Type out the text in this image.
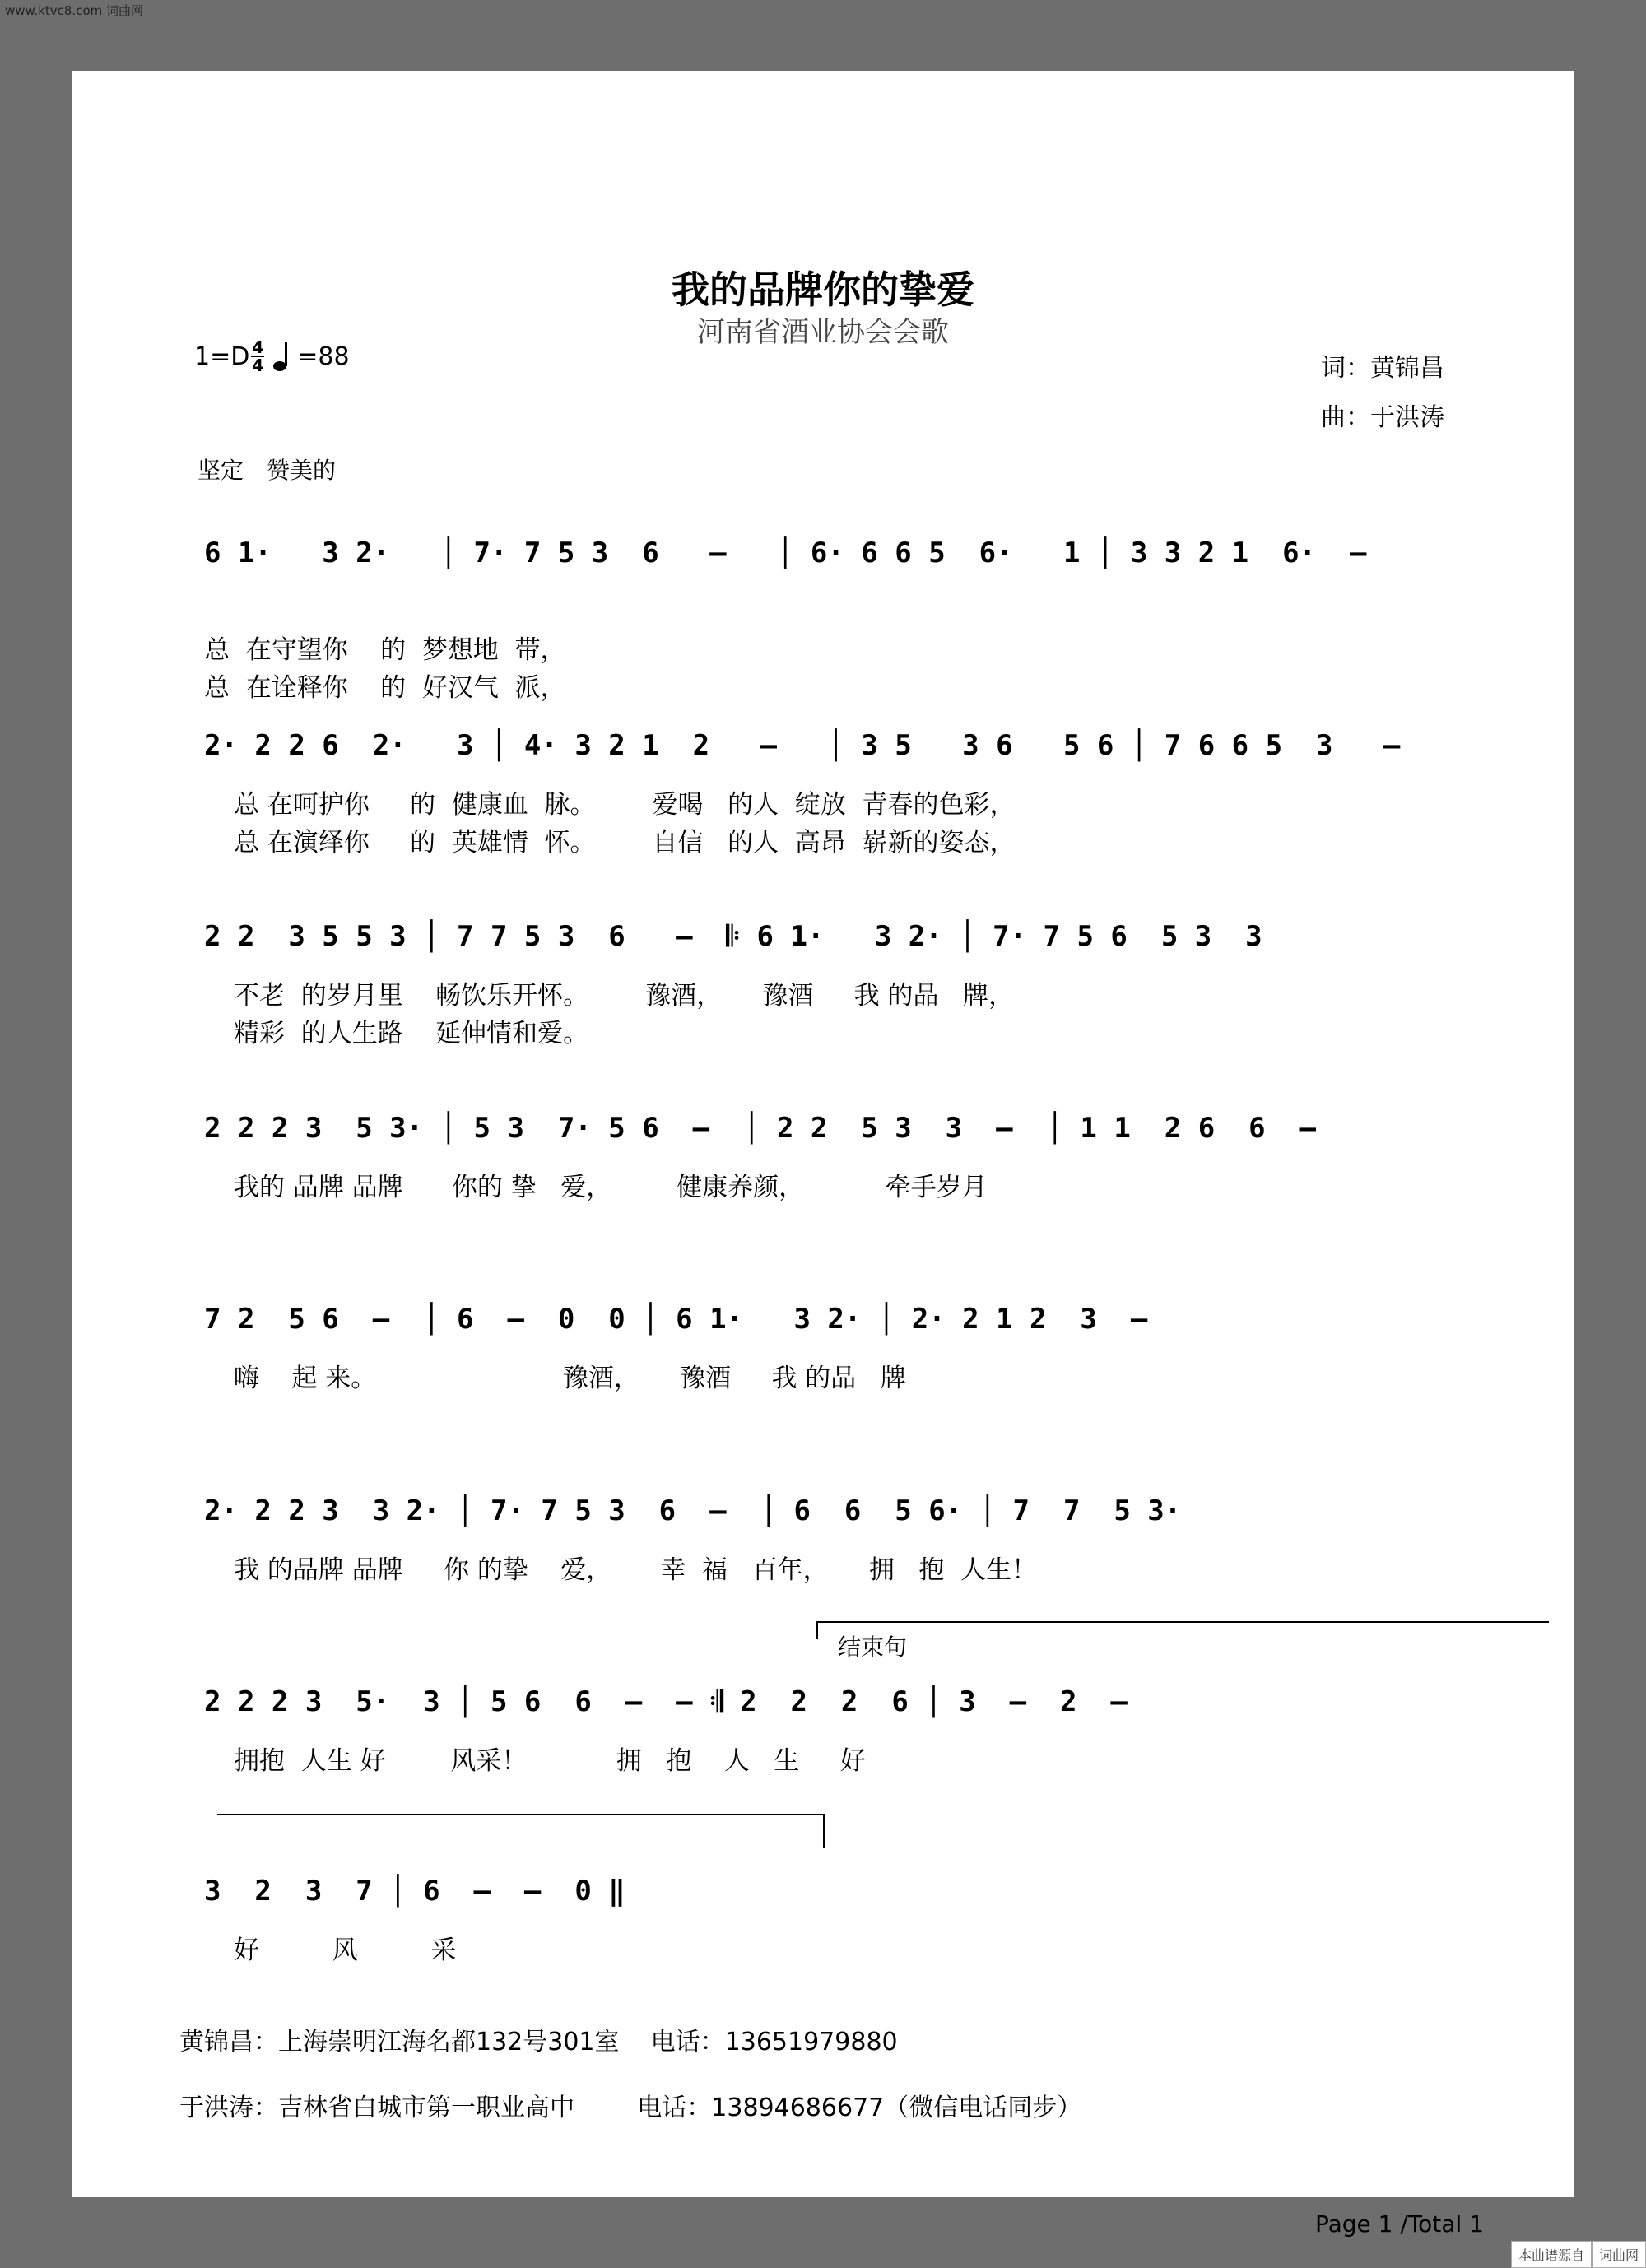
www.ktvc8.com 词曲网
我的品牌你的挚爱
河南省酒业协会会歌
$1=D \frac{4}{4} =88$	词：黄锦昌
曲：于洪涛
坚定　赞美的
6 1·   3 2·   │ 7· 7 5 3  6   –   │ 6· 6 6 5  6·   1 │ 3 3 2 1  6·  –
总  在守望你    的  梦想地  带，
总  在诠释你    的  好汉气  派，
2· 2 2 6  2·   3 │ 4· 3 2 1  2   –   │ 3 5   3 6   5 6 │ 7 6 6 5  3   –
总 在呵护你     的  健康血  脉。       爱喝   的人  绽放  青春的色彩，
总 在演绎你     的  英雄情  怀。       自信   的人  高昂  崭新的姿态，
2 2  3 5 5 3 │ 7 7 5 3  6   –  𝄆 6 1·   3 2· │ 7· 7 5 6  5 3  3
不老  的岁月里    畅饮乐开怀。       豫酒，     豫酒     我 的品   牌，
精彩  的人生路    延伸情和爱。
2 2 2 3  5 3· │ 5 3  7· 5 6  –  │ 2 2  5 3  3  –  │ 1 1  2 6  6  –
我的 品牌 品牌      你的 挚   爱，        健康养颜，          牵手岁月
7 2  5 6  –  │ 6  –  0  0 │ 6 1·   3 2· │ 2· 2 1 2  3  –
嗨    起 来。                       豫酒，     豫酒     我 的品   牌
2· 2 2 3  3 2· │ 7· 7 5 3  6  –  │ 6  6  5 6· │ 7  7  5 3·
我 的品牌 品牌     你 的挚    爱，      幸  福   百年，     拥   抱  人生！
2 2 2 3  5·  3 │ 5 6  6  –  – 𝄇 2  2  2  6 │ 3  –  2  –
拥抱  人生 好        风采！           拥   抱    人   生     好
3  2  3  7 │ 6  –  –  0 ‖
好         风         采
结束句
黄锦昌：上海崇明江海名都132号301室    电话：13651979880
于洪涛：吉林省白城市第一职业高中        电话：13894686677（微信电话同步）
Page 1 /Total 1
本曲谱源自	词曲网
